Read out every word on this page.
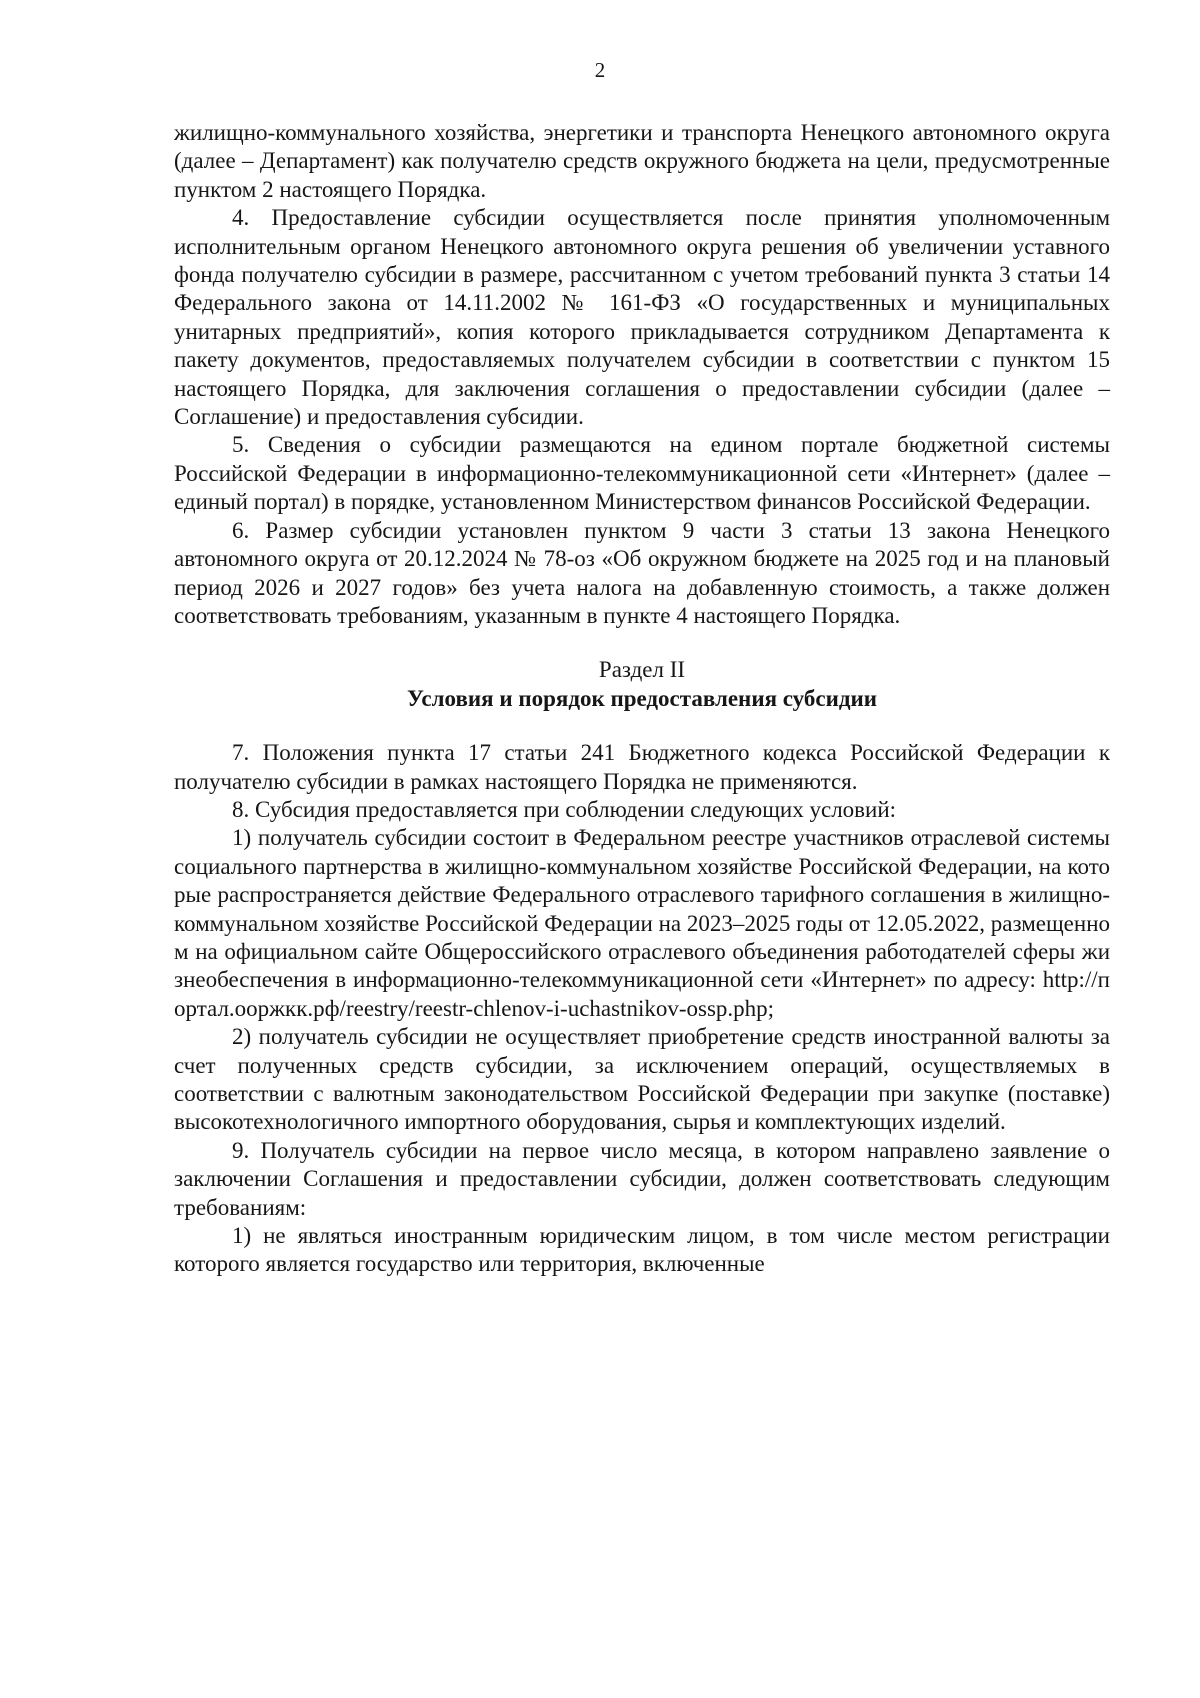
2

жилищно-коммунального хозяйства, энергетики и транспорта Ненецкого автономного округа (далее – Департамент) как получателю средств окружного бюджета на цели, предусмотренные пунктом 2 настоящего Порядка.

4. Предоставление субсидии осуществляется после принятия уполномоченным исполнительным органом Ненецкого автономного округа решения об увеличении уставного фонда получателю субсидии в размере, рассчитанном с учетом требований пункта 3 статьи 14 Федерального закона от 14.11.2002 № 161-ФЗ «О государственных и муниципальных унитарных предприятий», копия которого прикладывается сотрудником Департамента к пакету документов, предоставляемых получателем субсидии в соответствии с пунктом 15 настоящего Порядка, для заключения соглашения о предоставлении субсидии (далее – Соглашение) и предоставления субсидии.

5. Сведения о субсидии размещаются на едином портале бюджетной системы Российской Федерации в информационно-телекоммуникационной сети «Интернет» (далее – единый портал) в порядке, установленном Министерством финансов Российской Федерации.

6. Размер субсидии установлен пунктом 9 части 3 статьи 13 закона Ненецкого автономного округа от 20.12.2024 № 78-оз «Об окружном бюджете на 2025 год и на плановый период 2026 и 2027 годов» без учета налога на добавленную стоимость, а также должен соответствовать требованиям, указанным в пункте 4 настоящего Порядка.

Раздел II
Условия и порядок предоставления субсидии

7. Положения пункта 17 статьи 241 Бюджетного кодекса Российской Федерации к получателю субсидии в рамках настоящего Порядка не применяются.

8. Субсидия предоставляется при соблюдении следующих условий:

1) получатель субсидии состоит в Федеральном реестре участников отраслевой системы социального партнерства в жилищно-коммунальном хозяйстве Российской Федерации, на которые распространяется действие Федерального отраслевого тарифного соглашения в жилищно-коммунальном хозяйстве Российской Федерации на 2023–2025 годы от 12.05.2022, размещенном на официальном сайте Общероссийского отраслевого объединения работодателей сферы жизнеобеспечения в информационно-телекоммуникационной сети «Интернет» по адресу: http://портал.ооржкк.рф/reestry/reestr-chlenov-i-uchastnikov-ossp.php;

2) получатель субсидии не осуществляет приобретение средств иностранной валюты за счет полученных средств субсидии, за исключением операций, осуществляемых в соответствии с валютным законодательством Российской Федерации при закупке (поставке) высокотехнологичного импортного оборудования, сырья и комплектующих изделий.

9. Получатель субсидии на первое число месяца, в котором направлено заявление о заключении Соглашения и предоставлении субсидии, должен соответствовать следующим требованиям:

1) не являться иностранным юридическим лицом, в том числе местом регистрации которого является государство или территория, включенные
